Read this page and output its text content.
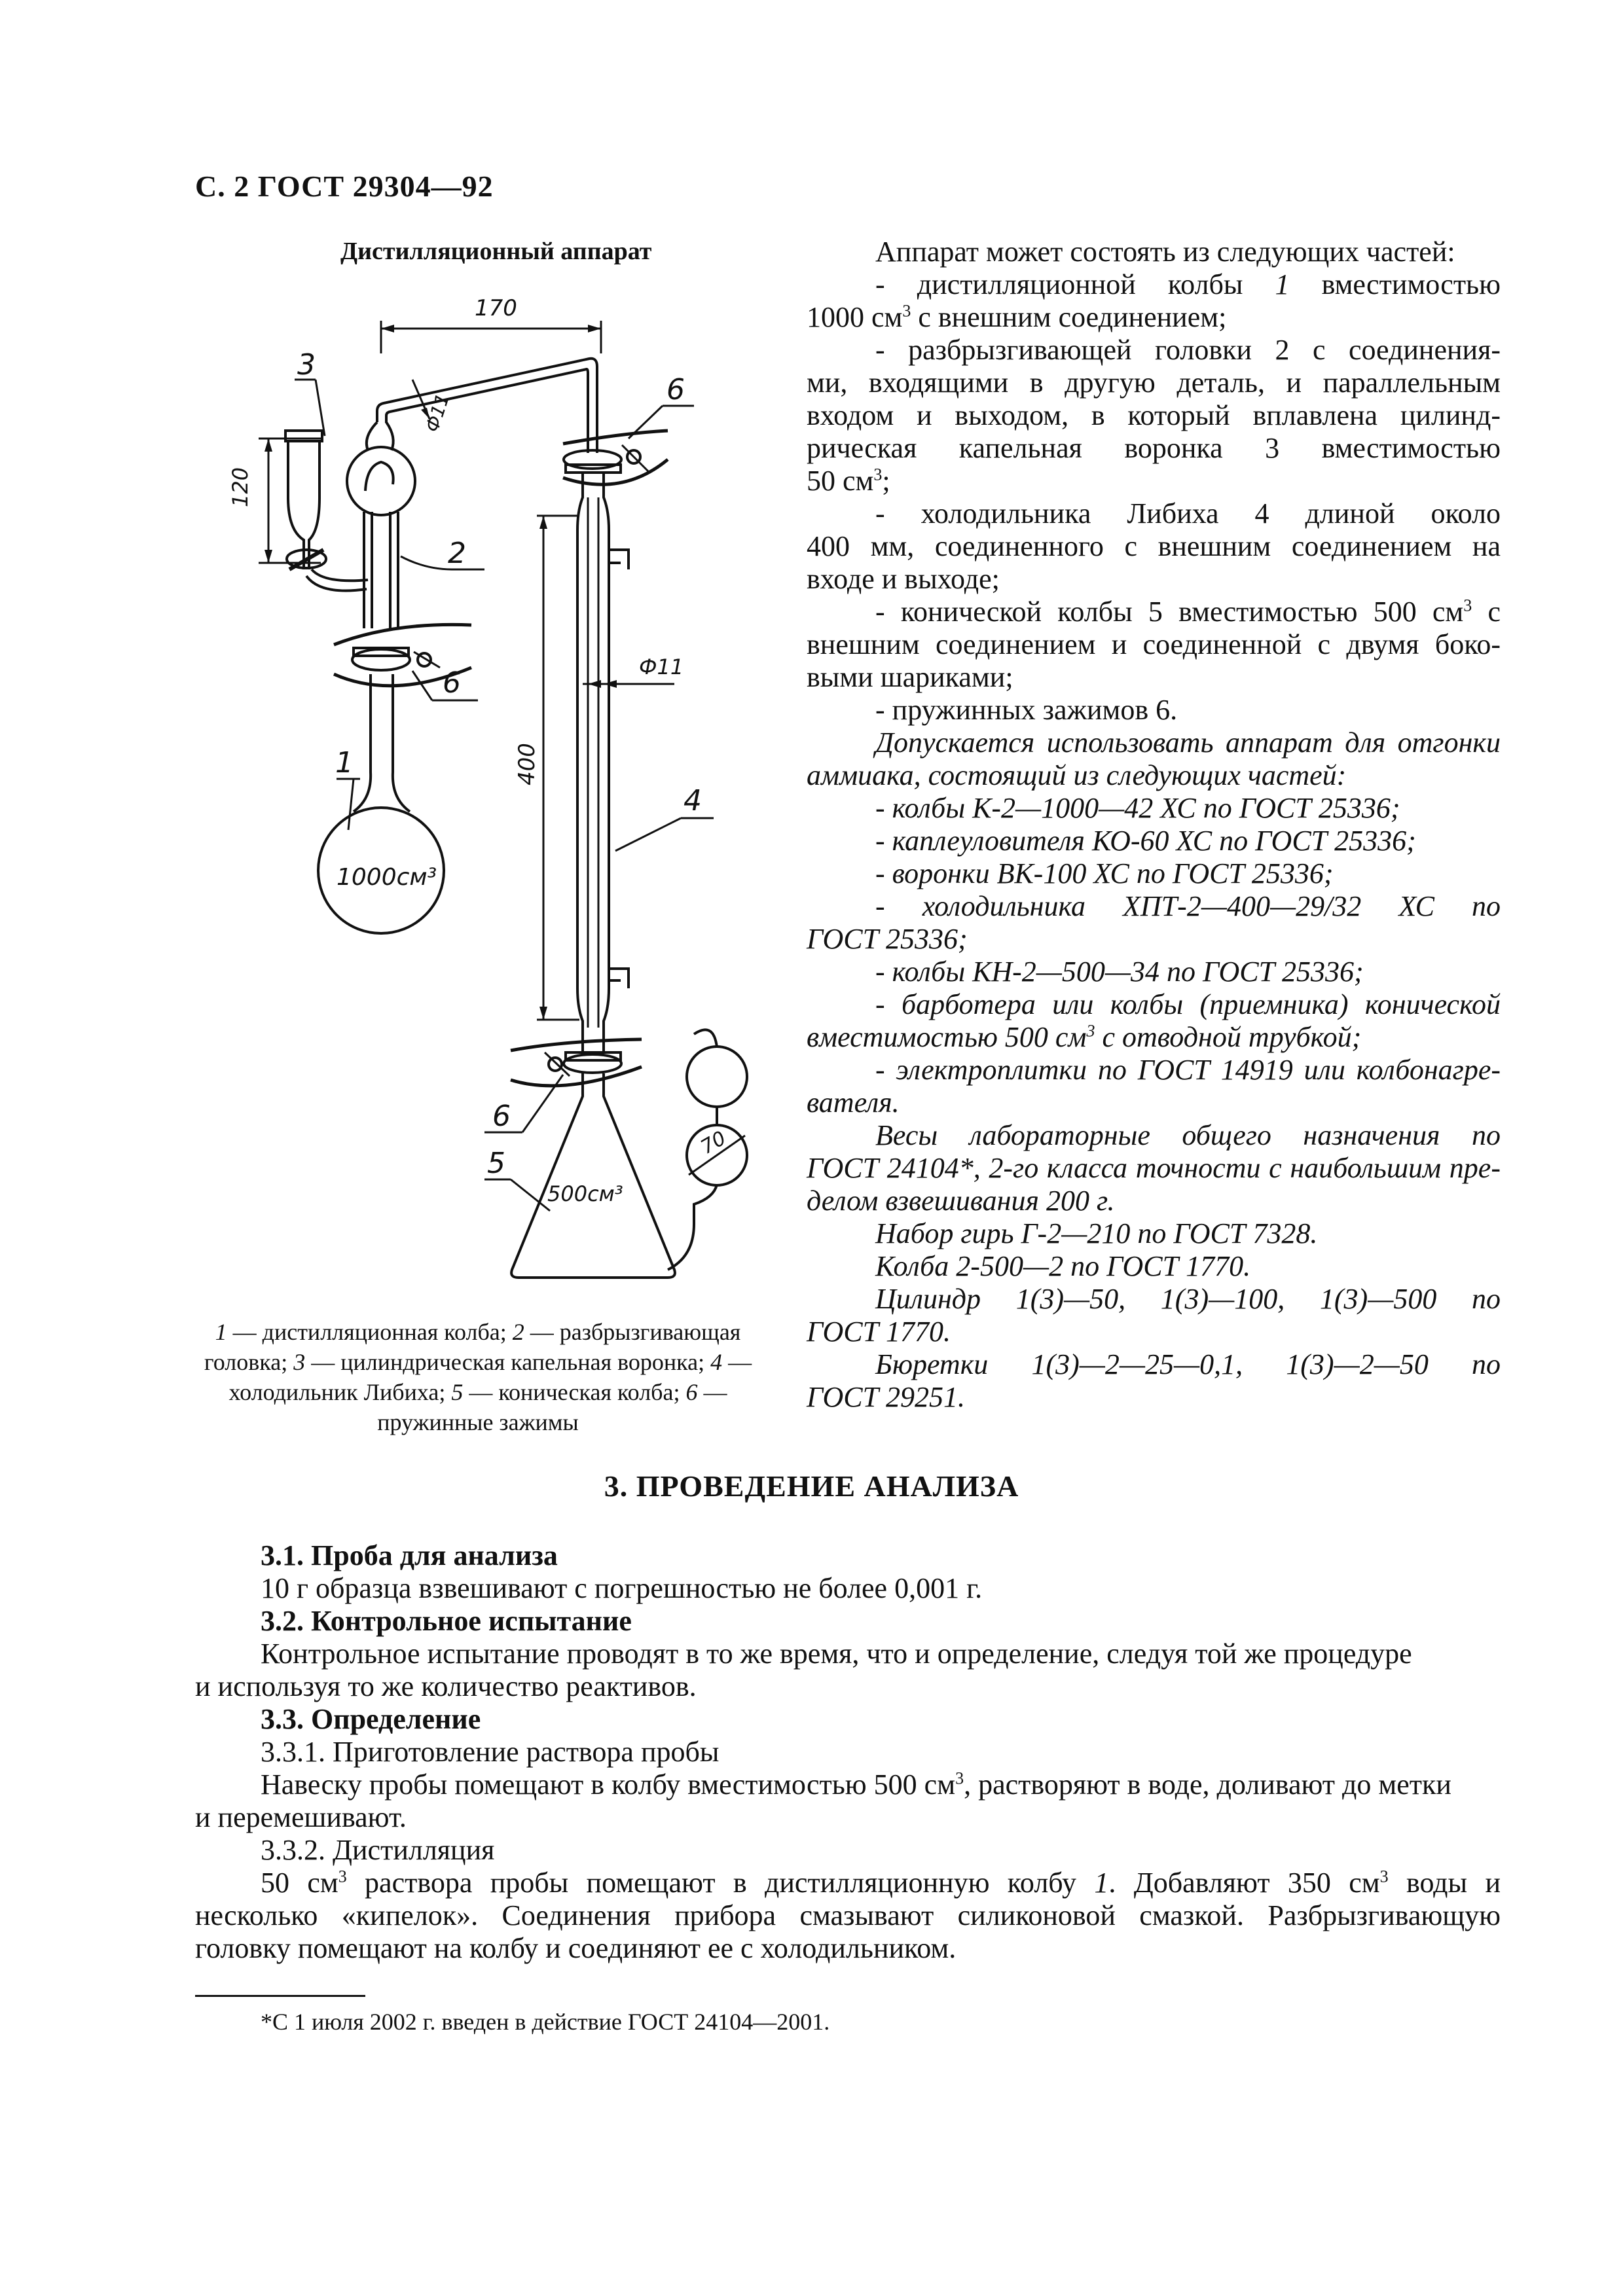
С. 2 ГОСТ 29304—92
Дистилляционный аппарат
170
Ф11
3
120
2
6
1000см³
1
6
Ф11
400
4
6
500см³
5
70
1 — дистилляционная колба; 2 — разбрызгивающая головка; 3 — цилиндрическая капельная воронка; 4 — холодильник Либиха; 5 — коническая колба; 6 — пружинные зажимы
Аппарат может состоять из следующих частей:
- дистилляционной колбы 1 вместимостью
1000 $см^3$ с внешним соединением;
- разбрызгивающей головки 2 с соединения-
ми, входящими в другую деталь, и параллельным
входом и выходом, в который вплавлена цилинд-
рическая капельная воронка 3 вместимостью
50 $см^3$;
- холодильника Либиха 4 длиной около
400 мм, соединенного с внешним соединением на
входе и выходе;
- конической колбы 5 вместимостью 500 $см^3$ с
внешним соединением и соединенной с двумя боко-
выми шариками;
- пружинных зажимов 6.
Допускается использовать аппарат для отгонки
аммиака, состоящий из следующих частей:
- колбы К-2—1000—42 ХС по ГОСТ 25336;
- каплеуловителя КО-60 ХС по ГОСТ 25336;
- воронки ВК-100 ХС по ГОСТ 25336;
- холодильника ХПТ-2—400—29/32 ХС по
ГОСТ 25336;
- колбы КН-2—500—34 по ГОСТ 25336;
- барботера или колбы (приемника) конической
вместимостью 500 $см^3$ с отводной трубкой;
- электроплитки по ГОСТ 14919 или колбонагре-
вателя.
Весы лабораторные общего назначения по
ГОСТ 24104*, 2-го класса точности с наибольшим пре-
делом взвешивания 200 г.
Набор гирь Г-2—210 по ГОСТ 7328.
Колба 2-500—2 по ГОСТ 1770.
Цилиндр 1(3)—50, 1(3)—100, 1(3)—500 по
ГОСТ 1770.
Бюретки 1(3)—2—25—0,1, 1(3)—2—50 по
ГОСТ 29251.
3. ПРОВЕДЕНИЕ АНАЛИЗА
3.1. Проба для анализа
10 г образца взвешивают с погрешностью не более 0,001 г.
3.2. Контрольное испытание
Контрольное испытание проводят в то же время, что и определение, следуя той же процедуре
и используя то же количество реактивов.
3.3. Определение
3.3.1. Приготовление раствора пробы
Навеску пробы помещают в колбу вместимостью 500 $см^3$, растворяют в воде, доливают до метки
и перемешивают.
3.3.2. Дистилляция
50 $см^3$ раствора пробы помещают в дистилляционную колбу 1. Добавляют 350 $см^3$ воды и
несколько «кипелок». Соединения прибора смазывают силиконовой смазкой. Разбрызгивающую
головку помещают на колбу и соединяют ее с холодильником.
*С 1 июля 2002 г. введен в действие ГОСТ 24104—2001.
